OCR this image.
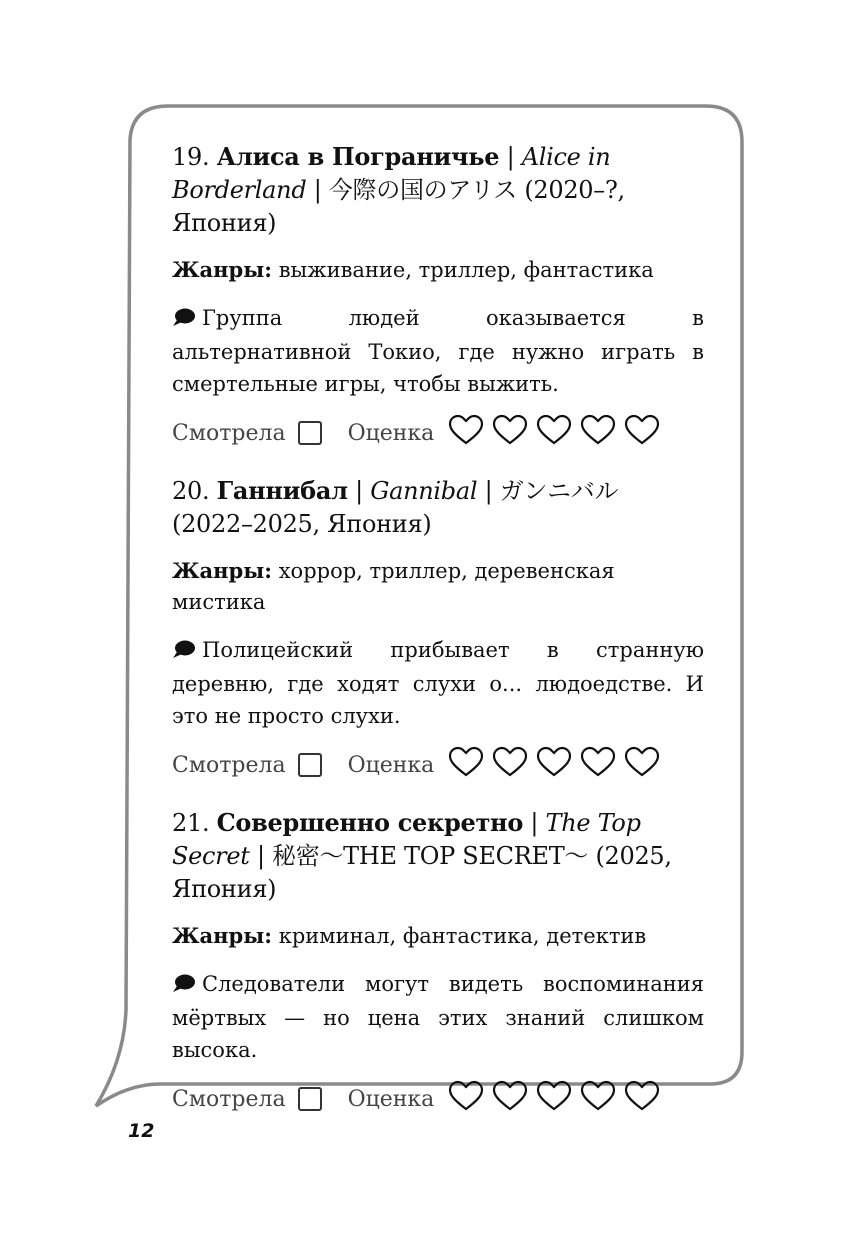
19. Алиса в Пограничье | Alice in Borderland | 今際の国のアリス (2020–?, Япония)
Жанры: выживание, триллер, фантастика
Группа людей оказывается в альтернативной Токио, где нужно играть в смертельные игры, чтобы выжить.
Смотрела	Оценка
20. Ганнибал | Gannibal | ガンニバル (2022–2025, Япония)
Жанры: хоррор, триллер, деревенская мистика
Полицейский прибывает в странную деревню, где ходят слухи о... людоедстве. И это не просто слухи.
Смотрела	Оценка
21. Совершенно секретно | The Top Secret | 秘密～THE TOP SECRET～ (2025, Япония)
Жанры: криминал, фантастика, детектив
Следователи могут видеть воспоминания мёртвых — но цена этих знаний слишком высока.
Смотрела	Оценка
12
